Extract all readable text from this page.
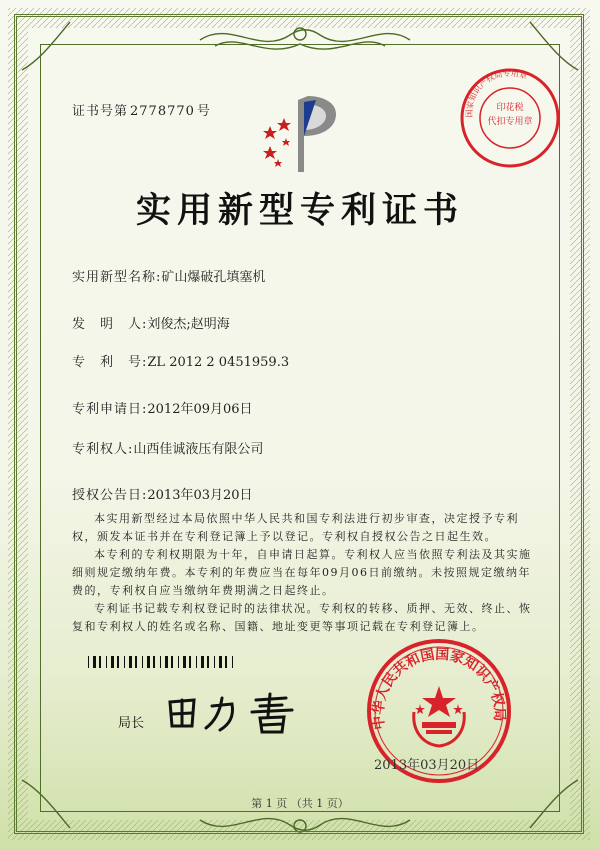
证书号第 2778770 号	印花税
代扣专用章
国家知识产权局专用章
实用新型专利证书
实用新型名称:矿山爆破孔填塞机
发　明　人:刘俊杰;赵明海
专　利　号:ZL 2012 2 0451959.3
专利申请日:2012年09月06日
专利权人:山西佳诚液压有限公司
授权公告日:2013年03月20日

本实用新型经过本局依照中华人民共和国专利法进行初步审查，决定授予专利权，颁发本证书并在专利登记簿上予以登记。专利权自授权公告之日起生效。

本专利的专利权期限为十年，自申请日起算。专利权人应当依照专利法及其实施细则规定缴纳年费。本专利的年费应当在每年09月06日前缴纳。未按照规定缴纳年费的，专利权自应当缴纳年费期满之日起终止。

专利证书记载专利权登记时的法律状况。专利权的转移、质押、无效、终止、恢复和专利权人的姓名或名称、国籍、地址变更等事项记载在专利登记簿上。

局长	中华人民共和国国家知识产权局
2013年03月20日
第 1 页 （共 1 页）
